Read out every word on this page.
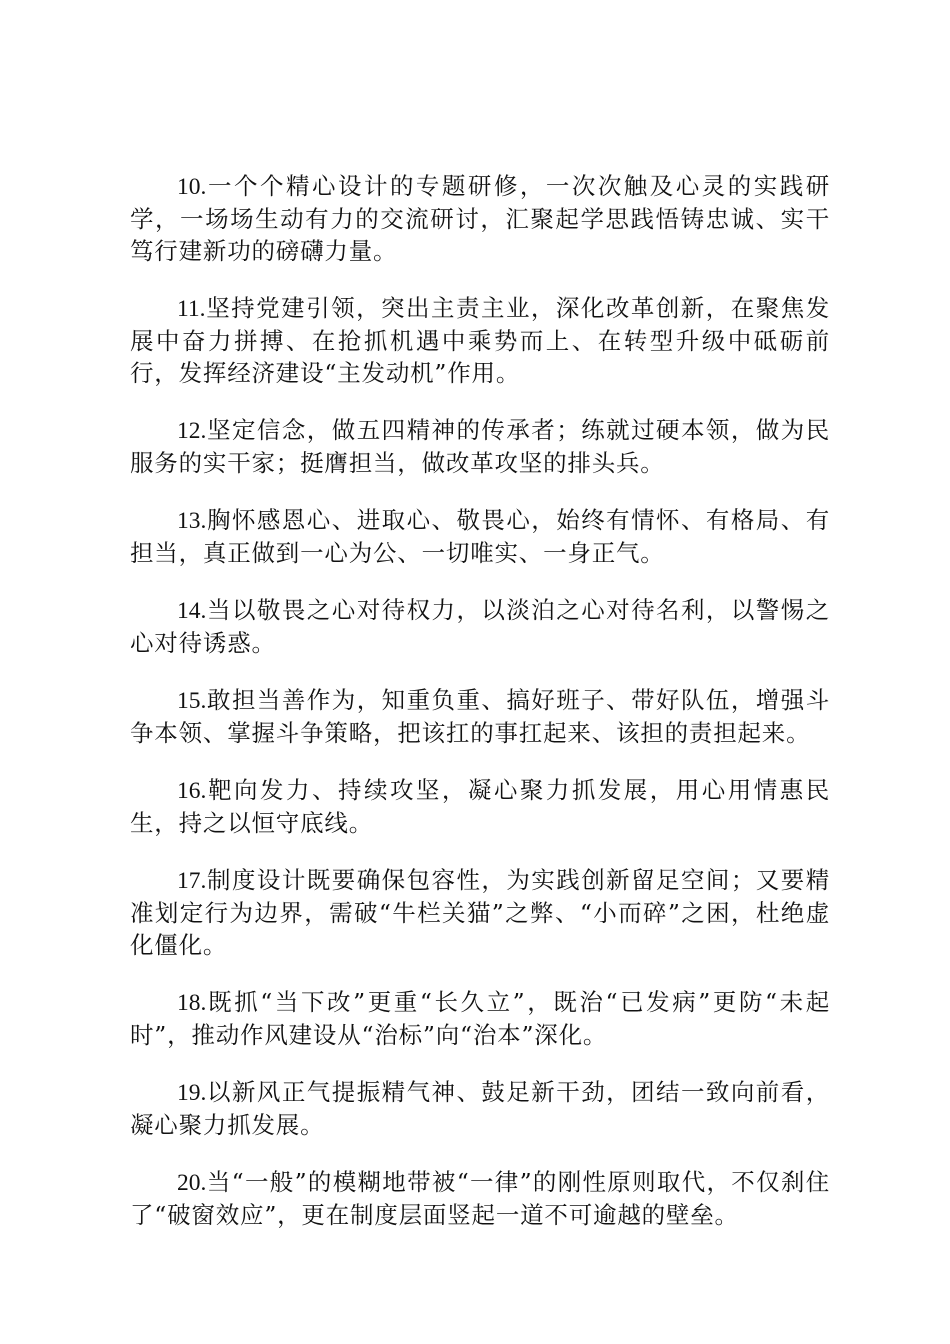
10.一个个精心设计的专题研修，一次次触及心灵的实践研学，一场场生动有力的交流研讨，汇聚起学思践悟铸忠诚、实干笃行建新功的磅礴力量。

11.坚持党建引领，突出主责主业，深化改革创新，在聚焦发展中奋力拼搏、在抢抓机遇中乘势而上、在转型升级中砥砺前行，发挥经济建设“主发动机”作用。

12.坚定信念，做五四精神的传承者；练就过硬本领，做为民服务的实干家；挺膺担当，做改革攻坚的排头兵。

13.胸怀感恩心、进取心、敬畏心，始终有情怀、有格局、有担当，真正做到一心为公、一切唯实、一身正气。

14.当以敬畏之心对待权力，以淡泊之心对待名利，以警惕之心对待诱惑。

15.敢担当善作为，知重负重、搞好班子、带好队伍，增强斗争本领、掌握斗争策略，把该扛的事扛起来、该担的责担起来。

16.靶向发力、持续攻坚，凝心聚力抓发展，用心用情惠民生，持之以恒守底线。

17.制度设计既要确保包容性，为实践创新留足空间；又要精准划定行为边界，需破“牛栏关猫”之弊、“小而碎”之困，杜绝虚化僵化。

18.既抓“当下改”更重“长久立”，既治“已发病”更防“未起时”，推动作风建设从“治标”向“治本”深化。

19.以新风正气提振精气神、鼓足新干劲，团结一致向前看，凝心聚力抓发展。

20.当“一般”的模糊地带被“一律”的刚性原则取代，不仅刹住了“破窗效应”，更在制度层面竖起一道不可逾越的壁垒。
